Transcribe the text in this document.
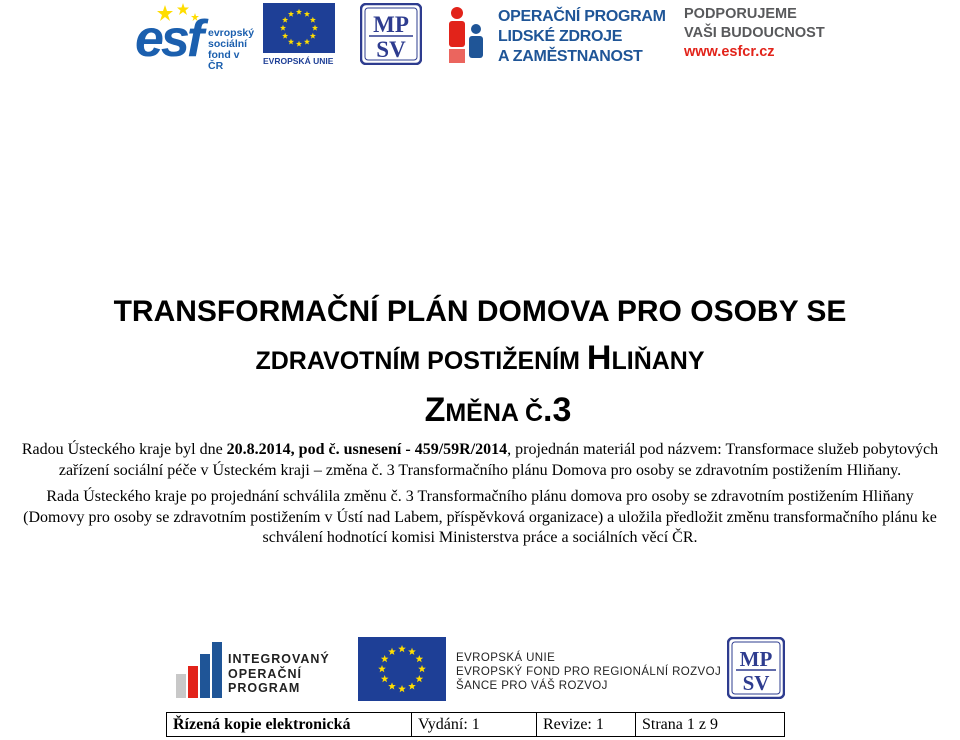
esf evropský
sociální
fond v ČR	EVROPSKÁ UNIE
MP
SV
OPERAČNÍ PROGRAM
LIDSKÉ ZDROJE
A ZAMĚSTNANOST
PODPORUJEME
VAŠI BUDOUCNOST
www.esfcr.cz
TRANSFORMAČNÍ PLÁN DOMOVA PRO OSOBY SE
ZDRAVOTNÍM POSTIŽENÍM HLIŇANY
ZMĚNA Č.3
Radou Ústeckého kraje byl dne 20.8.2014, pod č. usnesení - 459/59R/2014, projednán materiál pod názvem: Transformace služeb pobytových
zařízení sociální péče v Ústeckém kraji – změna č. 3 Transformačního plánu Domova pro osoby se zdravotním postižením Hliňany.
Rada Ústeckého kraje po projednání schválila změnu č. 3 Transformačního plánu domova pro osoby se zdravotním postižením Hliňany
(Domovy pro osoby se zdravotním postižením v Ústí nad Labem, příspěvková organizace) a uložila předložit změnu transformačního plánu ke
schválení hodnotící komisi Ministerstva práce a sociálních věcí ČR.
INTEGROVANÝ
OPERAČNÍ
PROGRAM
EVROPSKÁ UNIE
EVROPSKÝ FOND PRO REGIONÁLNÍ ROZVOJ
ŠANCE PRO VÁŠ ROZVOJ
MP
SV
Řízená kopie elektronická	Vydání: 1	Revize: 1	Strana 1 z 9
